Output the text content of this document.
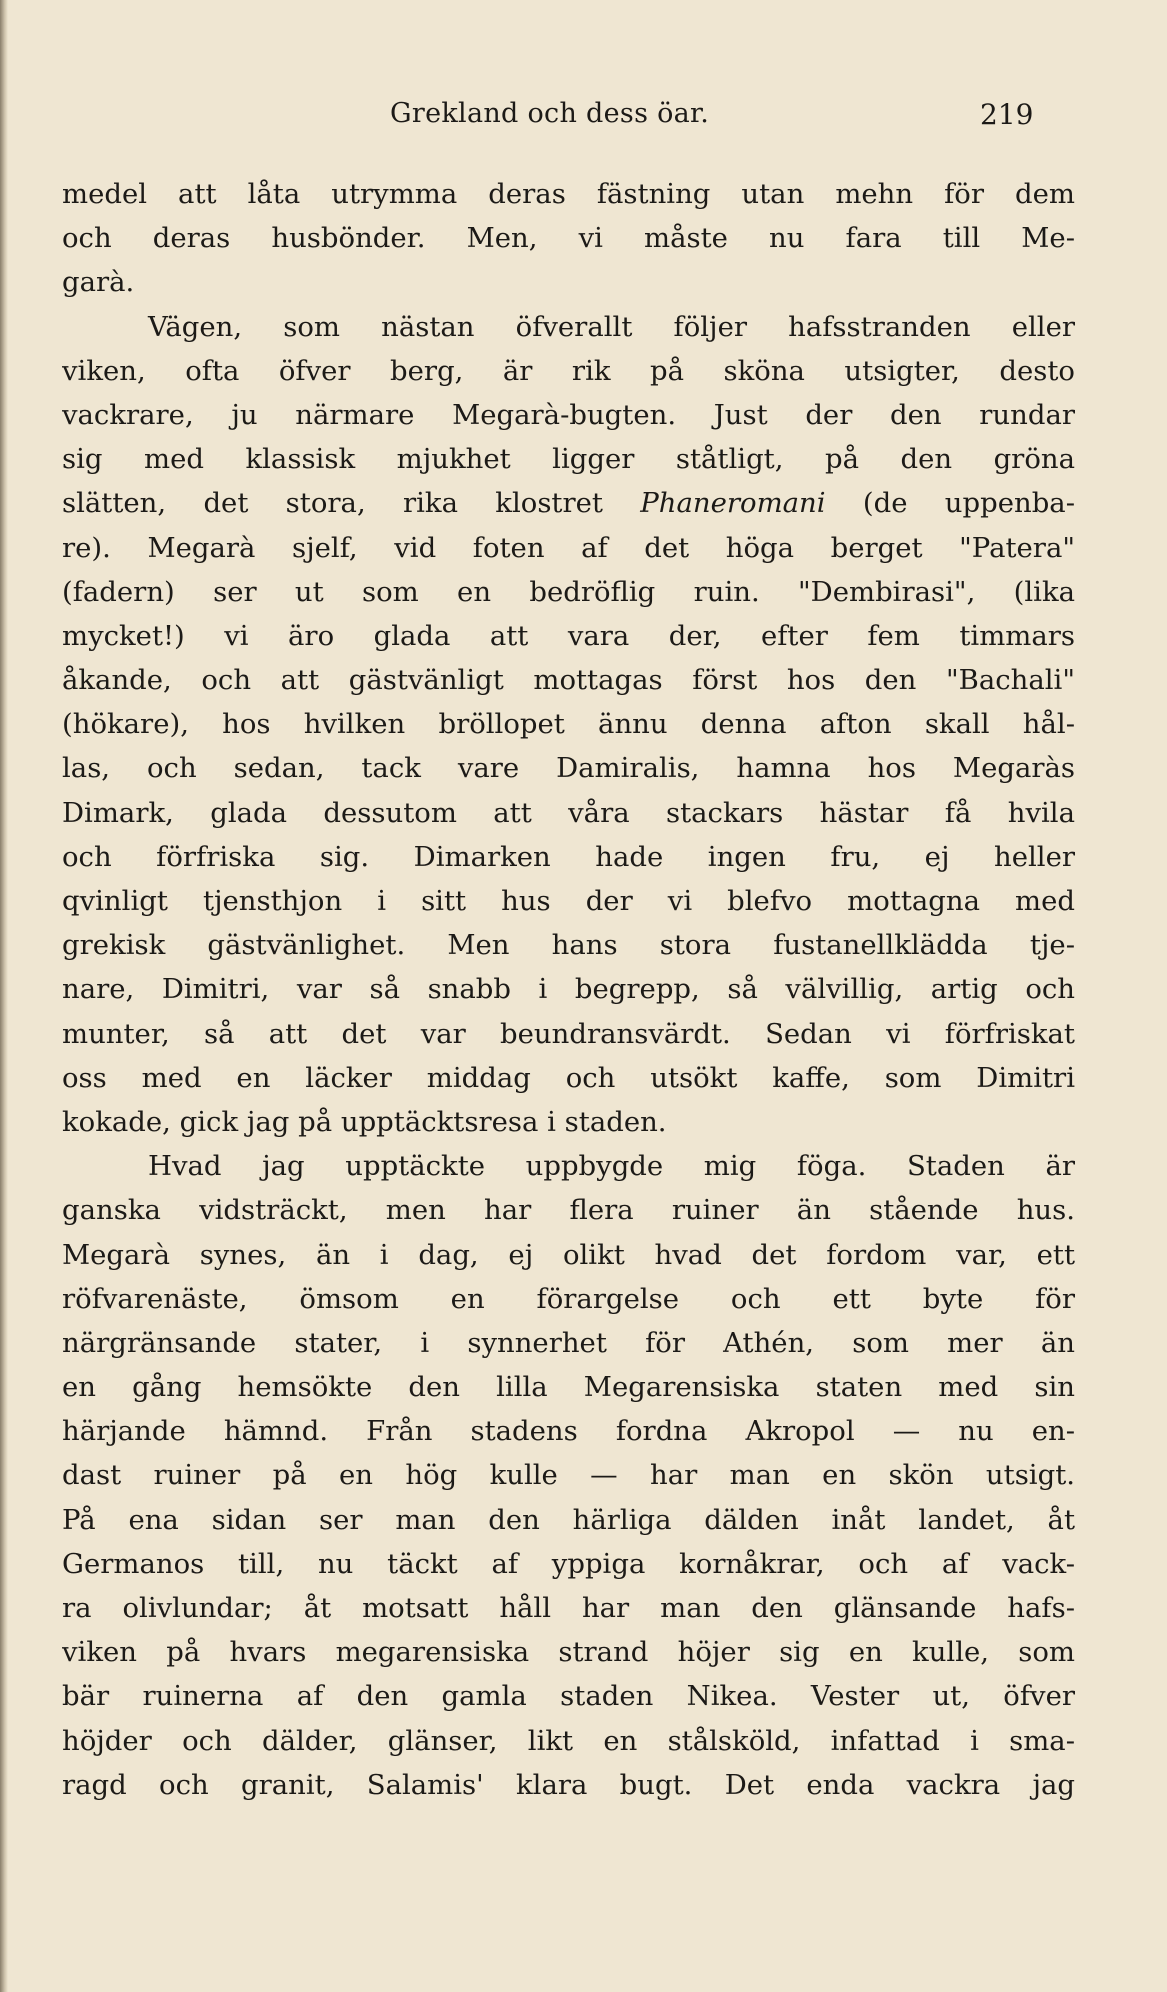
Grekland och dess öar.	219
medel att låta utrymma deras fästning utan mehn för dem
och deras husbönder. Men, vi måste nu fara till Me-
garà.
Vägen, som nästan öfverallt följer hafsstranden eller
viken, ofta öfver berg, är rik på sköna utsigter, desto
vackrare, ju närmare Megarà-bugten. Just der den rundar
sig med klassisk mjukhet ligger ståtligt, på den gröna
slätten, det stora, rika klostret Phaneromani (de uppenba-
re). Megarà sjelf, vid foten af det höga berget "Patera"
(fadern) ser ut som en bedröflig ruin. "Dembirasi", (lika
mycket!) vi äro glada att vara der, efter fem timmars
åkande, och att gästvänligt mottagas först hos den "Bachali"
(hökare), hos hvilken bröllopet ännu denna afton skall hål-
las, och sedan, tack vare Damiralis, hamna hos Megaràs
Dimark, glada dessutom att våra stackars hästar få hvila
och förfriska sig. Dimarken hade ingen fru, ej heller
qvinligt tjensthjon i sitt hus der vi blefvo mottagna med
grekisk gästvänlighet. Men hans stora fustanellklädda tje-
nare, Dimitri, var så snabb i begrepp, så välvillig, artig och
munter, så att det var beundransvärdt. Sedan vi förfriskat
oss med en läcker middag och utsökt kaffe, som Dimitri
kokade, gick jag på upptäcktsresa i staden.
Hvad jag upptäckte uppbygde mig föga. Staden är
ganska vidsträckt, men har flera ruiner än stående hus.
Megarà synes, än i dag, ej olikt hvad det fordom var, ett
röfvarenäste, ömsom en förargelse och ett byte för
närgränsande stater, i synnerhet för Athén, som mer än
en gång hemsökte den lilla Megarensiska staten med sin
härjande hämnd. Från stadens fordna Akropol — nu en-
dast ruiner på en hög kulle — har man en skön utsigt.
På ena sidan ser man den härliga dälden inåt landet, åt
Germanos till, nu täckt af yppiga kornåkrar, och af vack-
ra olivlundar; åt motsatt håll har man den glänsande hafs-
viken på hvars megarensiska strand höjer sig en kulle, som
bär ruinerna af den gamla staden Nikea. Vester ut, öfver
höjder och dälder, glänser, likt en stålsköld, infattad i sma-
ragd och granit, Salamis' klara bugt. Det enda vackra jag
